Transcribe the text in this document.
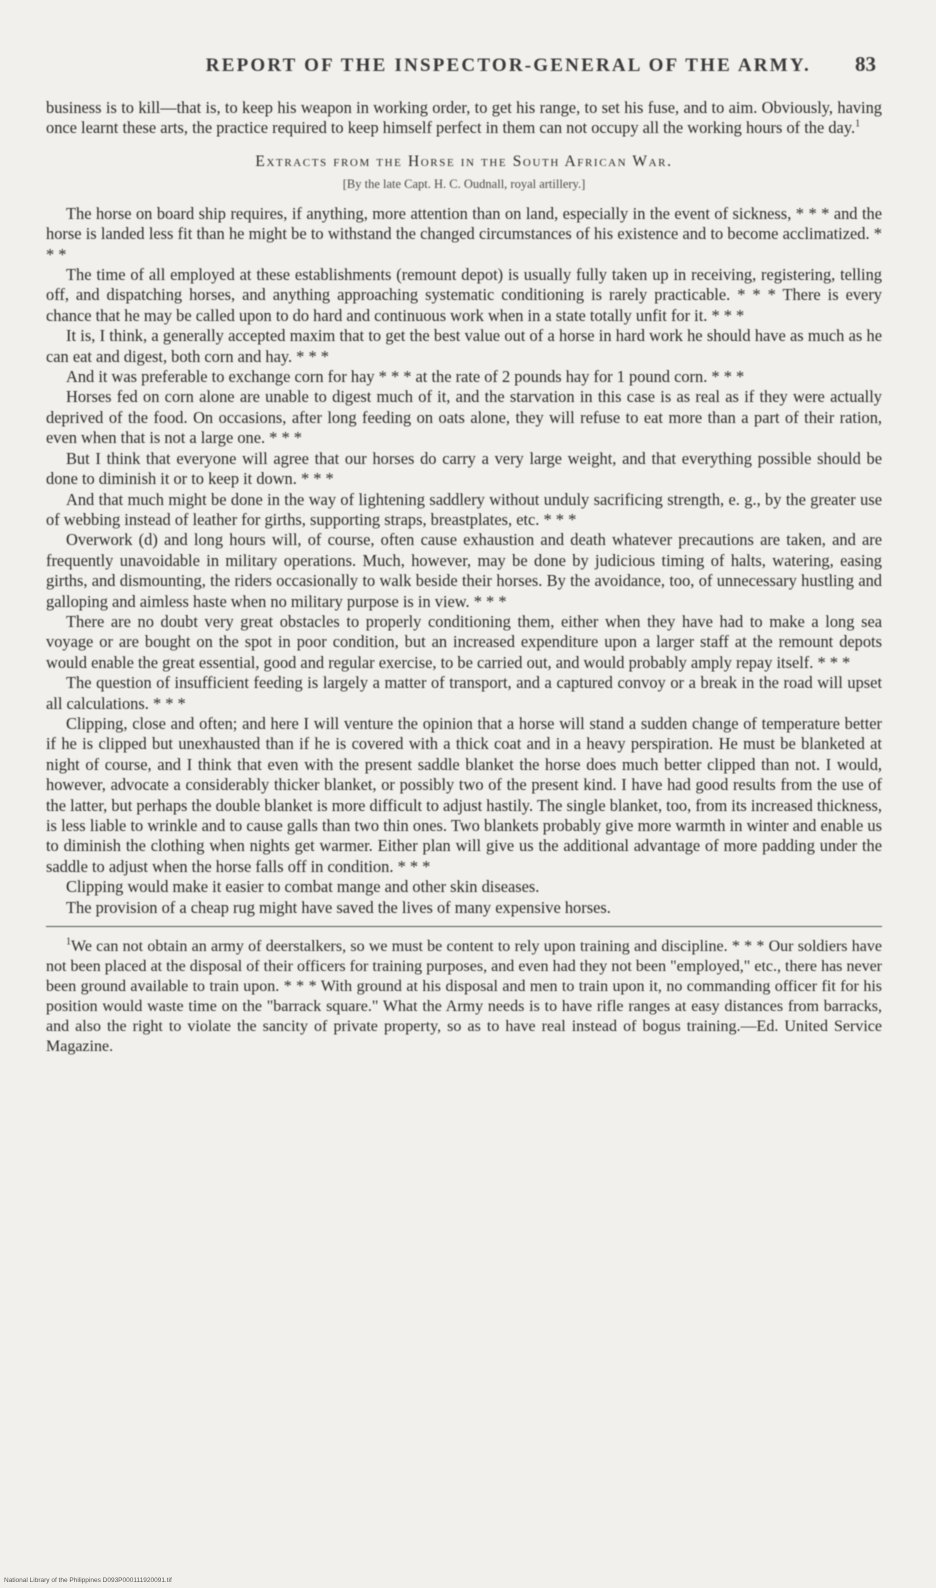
REPORT OF THE INSPECTOR-GENERAL OF THE ARMY. 83

business is to kill—that is, to keep his weapon in working order, to get his range, to set his fuse, and to aim. Obviously, having once learnt these arts, the practice required to keep himself perfect in them can not occupy all the working hours of the day.$^1$

Extracts from the Horse in the South African War.
[By the late Capt. H. C. Oudnall, royal artillery.]

The horse on board ship requires, if anything, more attention than on land, especially in the event of sickness, * * * and the horse is landed less fit than he might be to withstand the changed circumstances of his existence and to become acclimatized. * * *

The time of all employed at these establishments (remount depot) is usually fully taken up in receiving, registering, telling off, and dispatching horses, and anything approaching systematic conditioning is rarely practicable. * * * There is every chance that he may be called upon to do hard and continuous work when in a state totally unfit for it. * * *

It is, I think, a generally accepted maxim that to get the best value out of a horse in hard work he should have as much as he can eat and digest, both corn and hay. * * *

And it was preferable to exchange corn for hay * * * at the rate of 2 pounds hay for 1 pound corn. * * *

Horses fed on corn alone are unable to digest much of it, and the starvation in this case is as real as if they were actually deprived of the food. On occasions, after long feeding on oats alone, they will refuse to eat more than a part of their ration, even when that is not a large one. * * *

But I think that everyone will agree that our horses do carry a very large weight, and that everything possible should be done to diminish it or to keep it down. * * *

And that much might be done in the way of lightening saddlery without unduly sacrificing strength, e. g., by the greater use of webbing instead of leather for girths, supporting straps, breastplates, etc. * * *

Overwork (d) and long hours will, of course, often cause exhaustion and death whatever precautions are taken, and are frequently unavoidable in military operations. Much, however, may be done by judicious timing of halts, watering, easing girths, and dismounting, the riders occasionally to walk beside their horses. By the avoidance, too, of unnecessary hustling and galloping and aimless haste when no military purpose is in view. * * *

There are no doubt very great obstacles to properly conditioning them, either when they have had to make a long sea voyage or are bought on the spot in poor condition, but an increased expenditure upon a larger staff at the remount depots would enable the great essential, good and regular exercise, to be carried out, and would probably amply repay itself. * * *

The question of insufficient feeding is largely a matter of transport, and a captured convoy or a break in the road will upset all calculations. * * *

Clipping, close and often; and here I will venture the opinion that a horse will stand a sudden change of temperature better if he is clipped but unexhausted than if he is covered with a thick coat and in a heavy perspiration. He must be blanketed at night of course, and I think that even with the present saddle blanket the horse does much better clipped than not. I would, however, advocate a considerably thicker blanket, or possibly two of the present kind. I have had good results from the use of the latter, but perhaps the double blanket is more difficult to adjust hastily. The single blanket, too, from its increased thickness, is less liable to wrinkle and to cause galls than two thin ones. Two blankets probably give more warmth in winter and enable us to diminish the clothing when nights get warmer. Either plan will give us the additional advantage of more padding under the saddle to adjust when the horse falls off in condition. * * *

Clipping would make it easier to combat mange and other skin diseases.

The provision of a cheap rug might have saved the lives of many expensive horses.

$^1$We can not obtain an army of deerstalkers, so we must be content to rely upon training and discipline. * * * Our soldiers have not been placed at the disposal of their officers for training purposes, and even had they not been "employed," etc., there has never been ground available to train upon. * * * With ground at his disposal and men to train upon it, no commanding officer fit for his position would waste time on the "barrack square." What the Army needs is to have rifle ranges at easy distances from barracks, and also the right to violate the sancity of private property, so as to have real instead of bogus training.—Ed. United Service Magazine.

National Library of the Philippines D093P000111920091.tif
